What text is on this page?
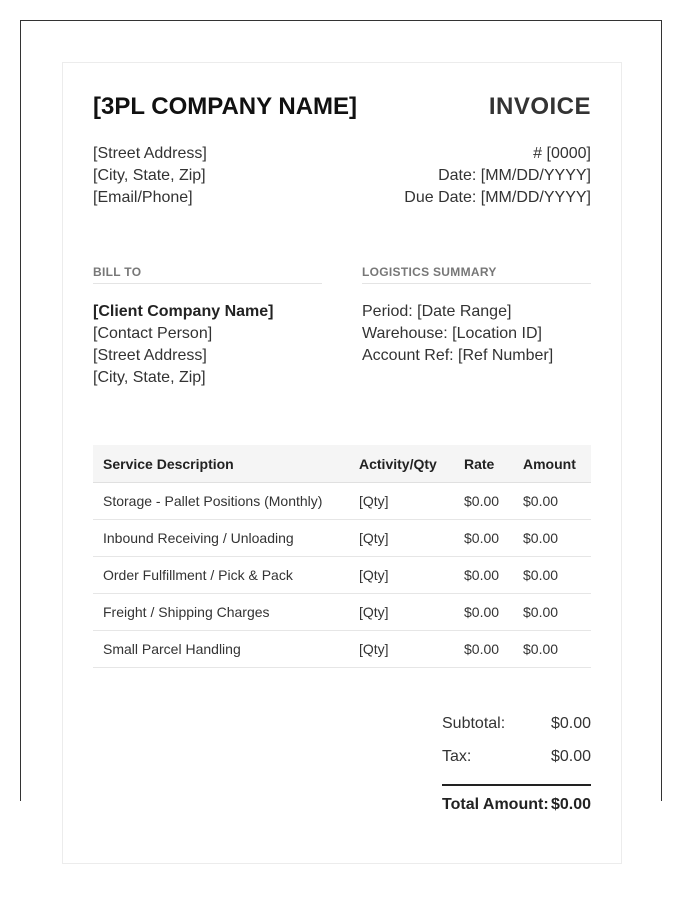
[3PL COMPANY NAME]	INVOICE
[Street Address]
[City, State, Zip]
[Email/Phone]
# [0000]
Date: [MM/DD/YYYY]
Due Date: [MM/DD/YYYY]
BILL TO
[Client Company Name]
[Contact Person]
[Street Address]
[City, State, Zip]
LOGISTICS SUMMARY
Period: [Date Range]
Warehouse: [Location ID]
Account Ref: [Ref Number]
Service Description	Activity/Qty	Rate	Amount
Storage - Pallet Positions (Monthly)	[Qty]	$0.00	$0.00
Inbound Receiving / Unloading	[Qty]	$0.00	$0.00
Order Fulfillment / Pick & Pack	[Qty]	$0.00	$0.00
Freight / Shipping Charges	[Qty]	$0.00	$0.00
Small Parcel Handling	[Qty]	$0.00	$0.00
Subtotal:	$0.00
Tax:	$0.00
Total Amount: $0.00
